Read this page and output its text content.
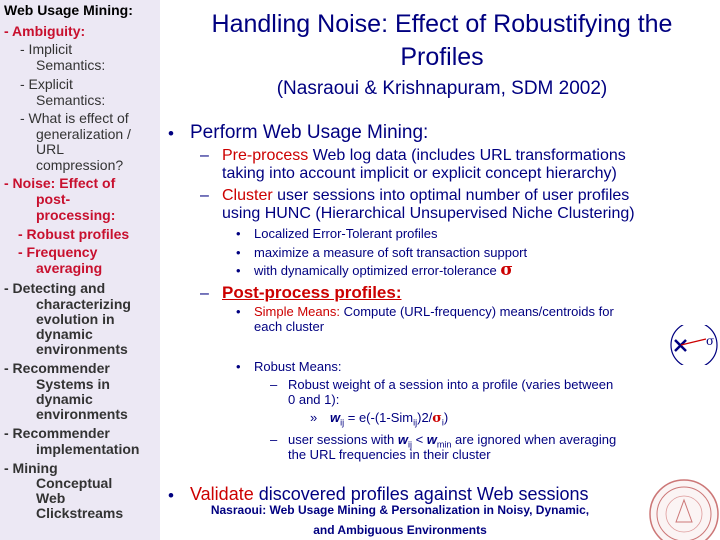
Web Usage Mining:
- Ambiguity:
- Implicit
Semantics:
- Explicit
Semantics:
- What is effect of
generalization /
URL
compression?
- Noise: Effect of
post-
processing:
- Robust profiles
- Frequency
averaging
- Detecting and
characterizing
evolution in
dynamic
environments
- Recommender
Systems in
dynamic
environments
- Recommender
implementation
- Mining
Conceptual
Web
Clickstreams
Handling Noise: Effect of Robustifying the Profiles
(Nasraoui & Krishnapuram, SDM 2002)
• Perform Web Usage Mining:
– Pre-process Web log data (includes URL transformations
taking into account implicit or explicit concept hierarchy)
– Cluster user sessions into optimal number of user profiles
using HUNC (Hierarchical Unsupervised Niche Clustering)
• Localized Error-Tolerant profiles
• maximize a measure of soft transaction support
• with dynamically optimized error-tolerance σ
– Post-process profiles:
• Simple Means: Compute (URL-frequency) means/centroids for
each cluster
σ
• Robust Means:
– Robust weight of a session into a profile (varies between
0 and 1):
» $w_{ij} = e(-(1-Sim_{ij})2/\sigma_i)$
– user sessions with $w_{ij} < w_{min}$ are ignored when averaging
the URL frequencies in their cluster
• Validate discovered profiles against Web sessions
Nasraoui: Web Usage Mining & Personalization in Noisy, Dynamic,
and Ambiguous Environments
